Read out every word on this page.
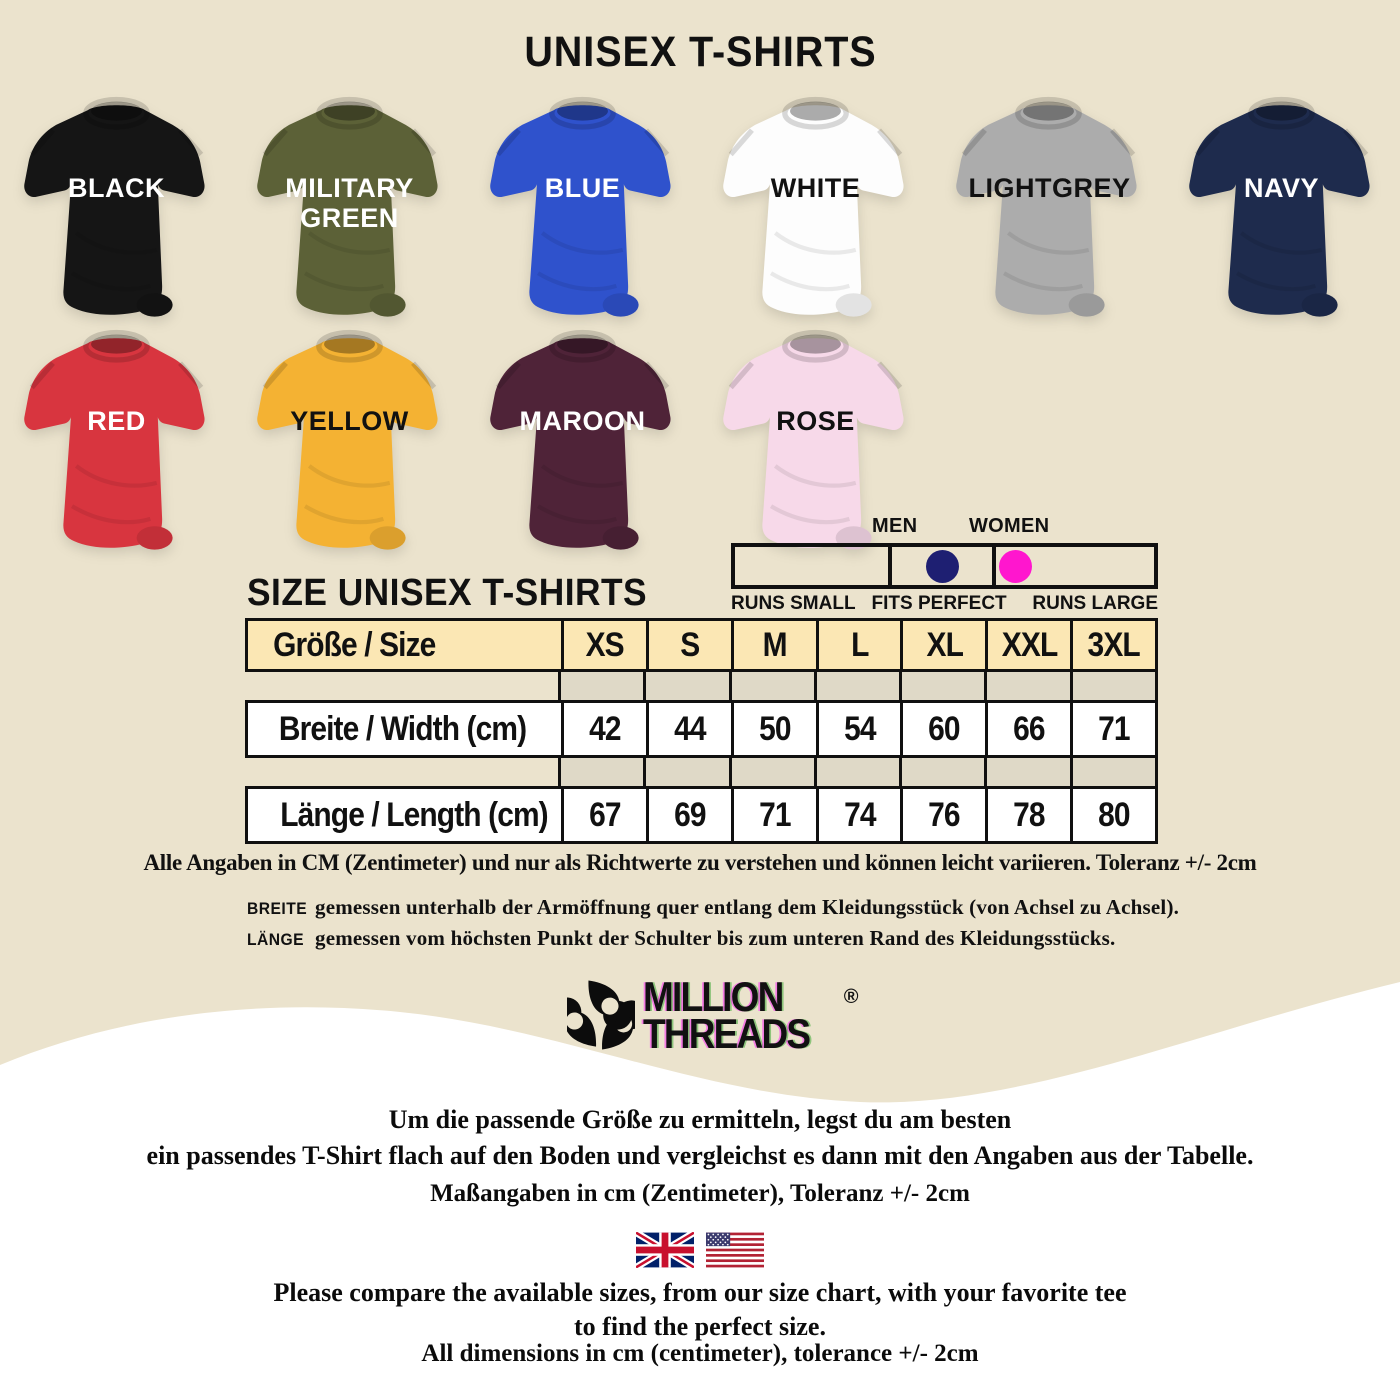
UNISEX T-SHIRTS
BLACK	MILITARY GREEN
BLUE	WHITE	LIGHTGREY	NAVY
RED	YELLOW	MAROON	ROSE
MEN	WOMEN
RUNS SMALL FITS PERFECT RUNS LARGE
SIZE UNISEX T-SHIRTS
Größe / Size	XS S M L XL XXL 3XL
Breite / Width (cm) 42 44 50 54 60 66 71
Länge / Length (cm) 67 69 71 74 76 78 80
Alle Angaben in CM (Zentimeter) und nur als Richtwerte zu verstehen und können leicht variieren. Toleranz +/- 2cm
BREITE gemessen unterhalb der Armöffnung quer entlang dem Kleidungsstück (von Achsel zu Achsel).
LÄNGE gemessen vom höchsten Punkt der Schulter bis zum unteren Rand des Kleidungsstücks.
MILLION
THREADS
®
Um die passende Größe zu ermitteln, legst du am besten
ein passendes T-Shirt flach auf den Boden und vergleichst es dann mit den Angaben aus der Tabelle.
Maßangaben in cm (Zentimeter), Toleranz +/- 2cm
Please compare the available sizes, from our size chart, with your favorite tee
to find the perfect size.
All dimensions in cm (centimeter), tolerance +/- 2cm
